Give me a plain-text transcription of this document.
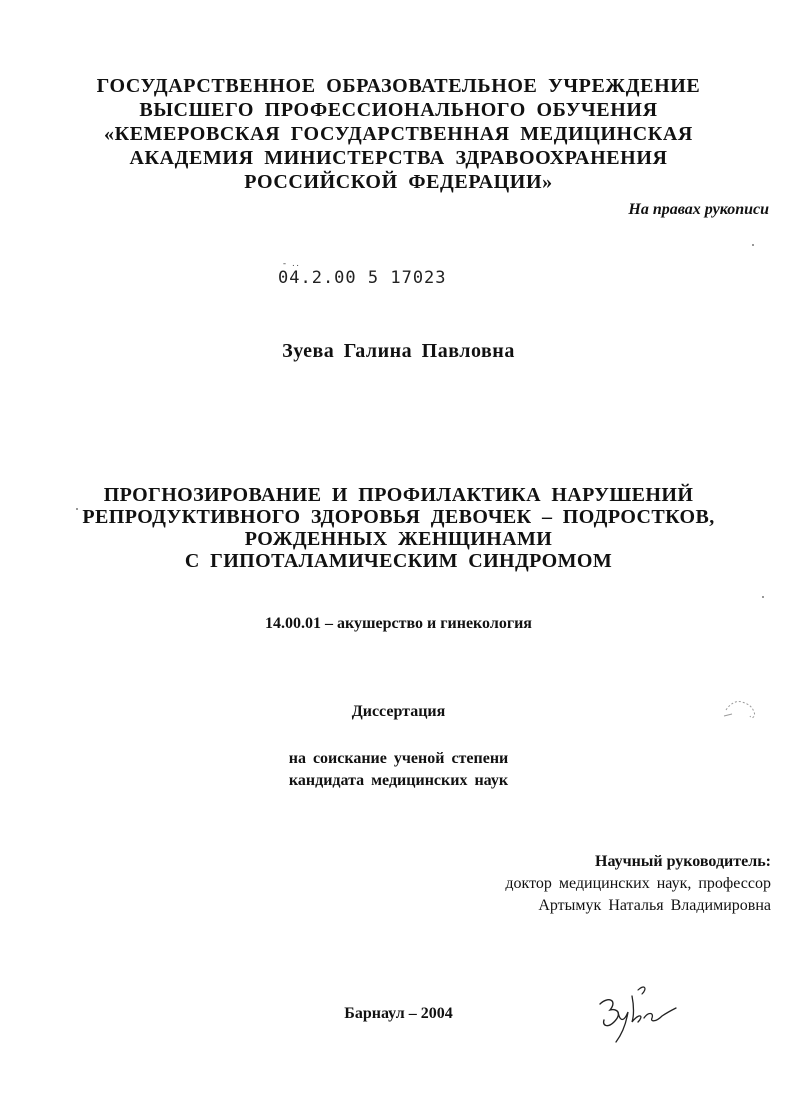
ГОСУДАРСТВЕННОЕ ОБРАЗОВАТЕЛЬНОЕ УЧРЕЖДЕНИЕ
ВЫСШЕГО ПРОФЕССИОНАЛЬНОГО ОБУЧЕНИЯ
«КЕМЕРОВСКАЯ ГОСУДАРСТВЕННАЯ МЕДИЦИНСКАЯ
АКАДЕМИЯ МИНИСТЕРСТВА ЗДРАВООХРАНЕНИЯ
РОССИЙСКОЙ ФЕДЕРАЦИИ»
На правах рукописи
- ..
04.2.00 5 17023
Зуева Галина Павловна
ПРОГНОЗИРОВАНИЕ И ПРОФИЛАКТИКА НАРУШЕНИЙ
РЕПРОДУКТИВНОГО ЗДОРОВЬЯ ДЕВОЧЕК – ПОДРОСТКОВ,
РОЖДЕННЫХ ЖЕНЩИНАМИ
С ГИПОТАЛАМИЧЕСКИМ СИНДРОМОМ
14.00.01 – акушерство и гинекология
Диссертация
на соискание ученой степени
кандидата медицинских наук
Научный руководитель:
доктор медицинских наук, профессор
Артымук Наталья Владимировна
Барнаул – 2004
